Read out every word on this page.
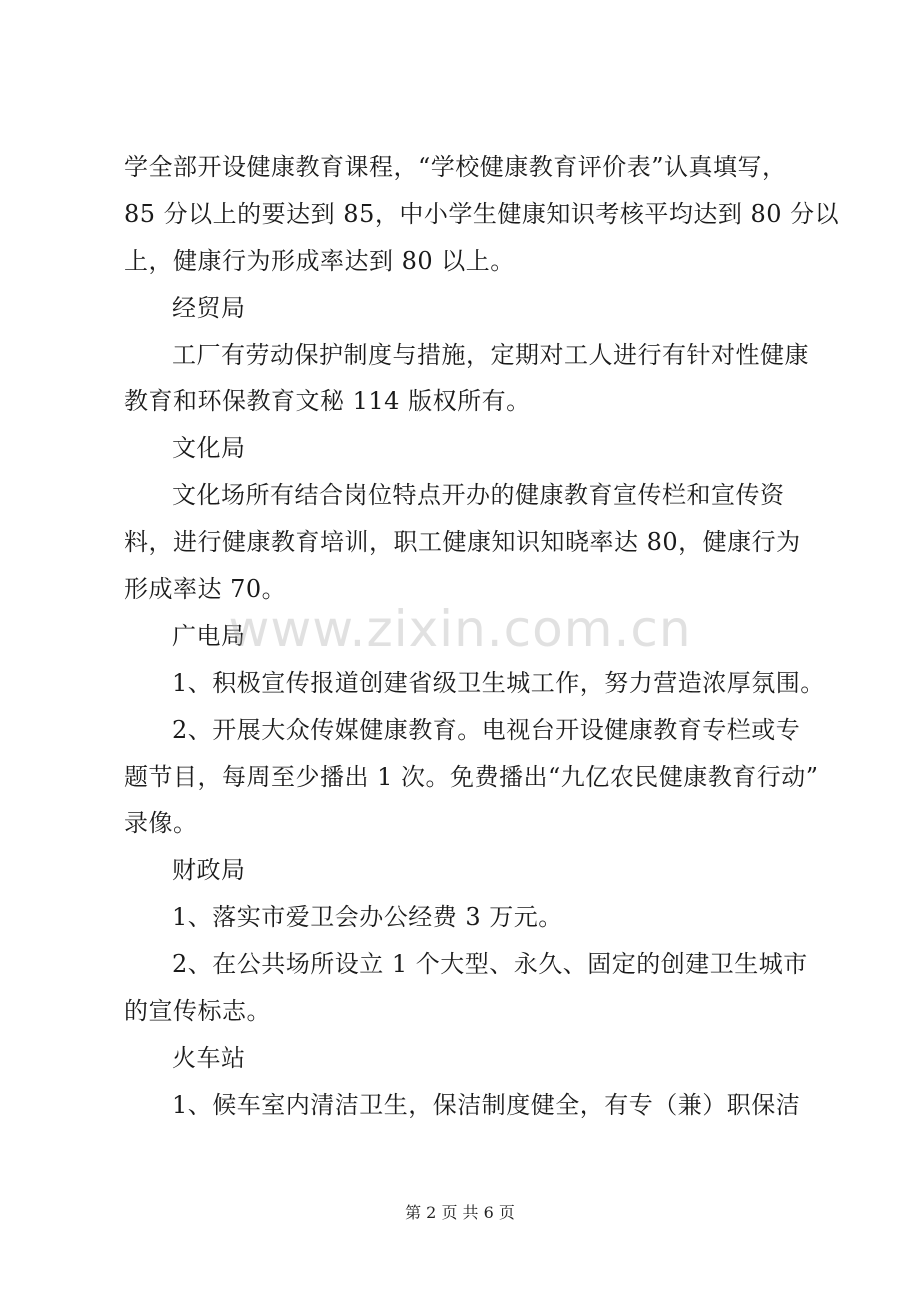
学全部开设健康教育课程，“学校健康教育评价表”认真填写，
85 分以上的要达到 85，中小学生健康知识考核平均达到 80 分以
上，健康行为形成率达到 80 以上。
经贸局
工厂有劳动保护制度与措施，定期对工人进行有针对性健康
教育和环保教育文秘 114 版权所有。
文化局
文化场所有结合岗位特点开办的健康教育宣传栏和宣传资
料，进行健康教育培训，职工健康知识知晓率达 80，健康行为
形成率达 70。
广电局
1、积极宣传报道创建省级卫生城工作，努力营造浓厚氛围。
2、开展大众传媒健康教育。电视台开设健康教育专栏或专
题节目，每周至少播出 1 次。免费播出“九亿农民健康教育行动”
录像。
财政局
1、落实市爱卫会办公经费 3 万元。
2、在公共场所设立 1 个大型、永久、固定的创建卫生城市
的宣传标志。
火车站
1、候车室内清洁卫生，保洁制度健全，有专（兼）职保洁
www.zixin.com.cn
第 2 页 共 6 页
